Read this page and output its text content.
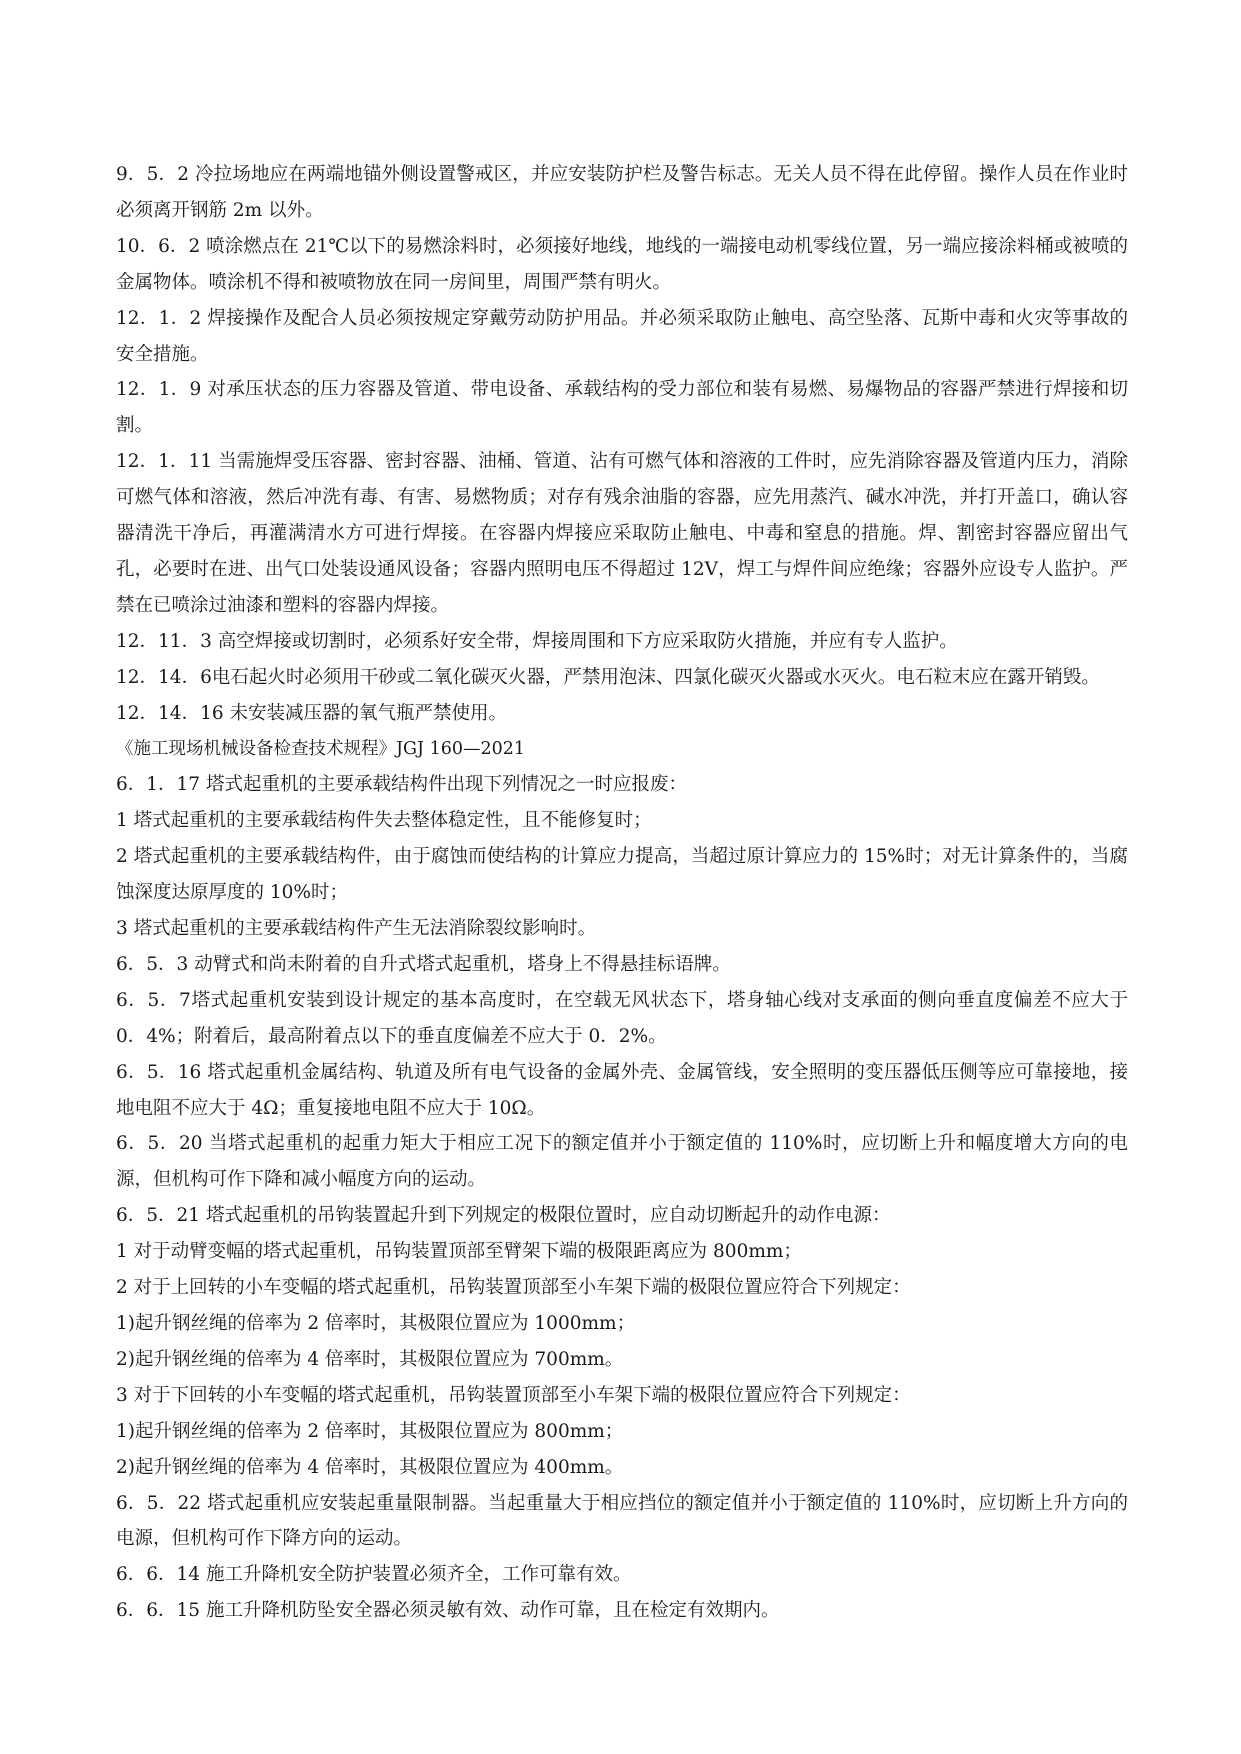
9．5．2 冷拉场地应在两端地锚外侧设置警戒区，并应安装防护栏及警告标志。无关人员不得在此停留。操作人员在作业时必须离开钢筋 2m 以外。

10．6．2 喷涂燃点在 21℃以下的易燃涂料时，必须接好地线，地线的一端接电动机零线位置，另一端应接涂料桶或被喷的金属物体。喷涂机不得和被喷物放在同一房间里，周围严禁有明火。

12．1．2 焊接操作及配合人员必须按规定穿戴劳动防护用品。并必须采取防止触电、高空坠落、瓦斯中毒和火灾等事故的安全措施。

12．1．9 对承压状态的压力容器及管道、带电设备、承载结构的受力部位和装有易燃、易爆物品的容器严禁进行焊接和切割。

12．1．11 当需施焊受压容器、密封容器、油桶、管道、沾有可燃气体和溶液的工件时，应先消除容器及管道内压力，消除可燃气体和溶液，然后冲洗有毒、有害、易燃物质；对存有残余油脂的容器，应先用蒸汽、碱水冲洗，并打开盖口，确认容器清洗干净后，再灌满清水方可进行焊接。在容器内焊接应采取防止触电、中毒和窒息的措施。焊、割密封容器应留出气孔，必要时在进、出气口处装设通风设备；容器内照明电压不得超过 12V，焊工与焊件间应绝缘；容器外应设专人监护。严禁在已喷涂过油漆和塑料的容器内焊接。

12．11．3 高空焊接或切割时，必须系好安全带，焊接周围和下方应采取防火措施，并应有专人监护。

12．14．6电石起火时必须用干砂或二氧化碳灭火器，严禁用泡沫、四氯化碳灭火器或水灭火。电石粒末应在露开销毁。

12．14．16 未安装减压器的氧气瓶严禁使用。

《施工现场机械设备检查技术规程》JGJ 160—2021

6．1．17 塔式起重机的主要承载结构件出现下列情况之一时应报废：

1 塔式起重机的主要承载结构件失去整体稳定性，且不能修复时；

2 塔式起重机的主要承载结构件，由于腐蚀而使结构的计算应力提高，当超过原计算应力的 15%时；对无计算条件的，当腐蚀深度达原厚度的 10%时；

3 塔式起重机的主要承载结构件产生无法消除裂纹影响时。

6．5．3 动臂式和尚未附着的自升式塔式起重机，塔身上不得悬挂标语牌。

6．5．7塔式起重机安装到设计规定的基本高度时，在空载无风状态下，塔身轴心线对支承面的侧向垂直度偏差不应大于 0．4%；附着后，最高附着点以下的垂直度偏差不应大于 0．2%。

6．5．16 塔式起重机金属结构、轨道及所有电气设备的金属外壳、金属管线，安全照明的变压器低压侧等应可靠接地，接地电阻不应大于 4Ω；重复接地电阻不应大于 10Ω。

6．5．20 当塔式起重机的起重力矩大于相应工况下的额定值并小于额定值的 110%时，应切断上升和幅度增大方向的电源，但机构可作下降和减小幅度方向的运动。

6．5．21 塔式起重机的吊钩装置起升到下列规定的极限位置时，应自动切断起升的动作电源：

1 对于动臂变幅的塔式起重机，吊钩装置顶部至臂架下端的极限距离应为 800mm；

2 对于上回转的小车变幅的塔式起重机，吊钩装置顶部至小车架下端的极限位置应符合下列规定：

1)起升钢丝绳的倍率为 2 倍率时，其极限位置应为 1000mm；

2)起升钢丝绳的倍率为 4 倍率时，其极限位置应为 700mm。

3 对于下回转的小车变幅的塔式起重机，吊钩装置顶部至小车架下端的极限位置应符合下列规定：

1)起升钢丝绳的倍率为 2 倍率时，其极限位置应为 800mm；

2)起升钢丝绳的倍率为 4 倍率时，其极限位置应为 400mm。

6．5．22 塔式起重机应安装起重量限制器。当起重量大于相应挡位的额定值并小于额定值的 110%时，应切断上升方向的电源，但机构可作下降方向的运动。

6．6．14 施工升降机安全防护装置必须齐全，工作可靠有效。

6．6．15 施工升降机防坠安全器必须灵敏有效、动作可靠，且在检定有效期内。
